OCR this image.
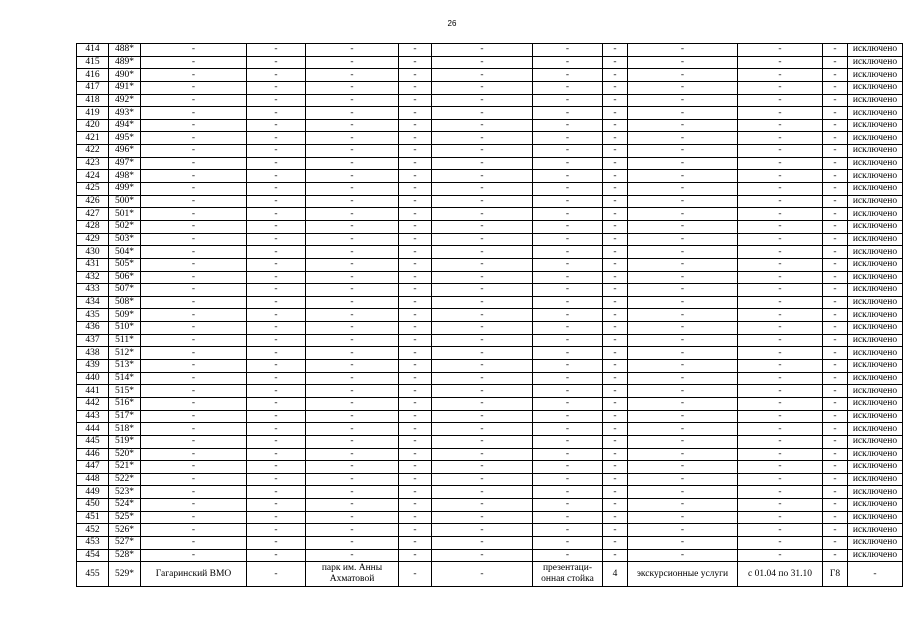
26
414	488*	-	-	-	-	-	-	-	-	-	-	исключено
415	489*	-	-	-	-	-	-	-	-	-	-	исключено
416	490*	-	-	-	-	-	-	-	-	-	-	исключено
417	491*	-	-	-	-	-	-	-	-	-	-	исключено
418	492*	-	-	-	-	-	-	-	-	-	-	исключено
419	493*	-	-	-	-	-	-	-	-	-	-	исключено
420	494*	-	-	-	-	-	-	-	-	-	-	исключено
421	495*	-	-	-	-	-	-	-	-	-	-	исключено
422	496*	-	-	-	-	-	-	-	-	-	-	исключено
423	497*	-	-	-	-	-	-	-	-	-	-	исключено
424	498*	-	-	-	-	-	-	-	-	-	-	исключено
425	499*	-	-	-	-	-	-	-	-	-	-	исключено
426	500*	-	-	-	-	-	-	-	-	-	-	исключено
427	501*	-	-	-	-	-	-	-	-	-	-	исключено
428	502*	-	-	-	-	-	-	-	-	-	-	исключено
429	503*	-	-	-	-	-	-	-	-	-	-	исключено
430	504*	-	-	-	-	-	-	-	-	-	-	исключено
431	505*	-	-	-	-	-	-	-	-	-	-	исключено
432	506*	-	-	-	-	-	-	-	-	-	-	исключено
433	507*	-	-	-	-	-	-	-	-	-	-	исключено
434	508*	-	-	-	-	-	-	-	-	-	-	исключено
435	509*	-	-	-	-	-	-	-	-	-	-	исключено
436	510*	-	-	-	-	-	-	-	-	-	-	исключено
437	511*	-	-	-	-	-	-	-	-	-	-	исключено
438	512*	-	-	-	-	-	-	-	-	-	-	исключено
439	513*	-	-	-	-	-	-	-	-	-	-	исключено
440	514*	-	-	-	-	-	-	-	-	-	-	исключено
441	515*	-	-	-	-	-	-	-	-	-	-	исключено
442	516*	-	-	-	-	-	-	-	-	-	-	исключено
443	517*	-	-	-	-	-	-	-	-	-	-	исключено
444	518*	-	-	-	-	-	-	-	-	-	-	исключено
445	519*	-	-	-	-	-	-	-	-	-	-	исключено
446	520*	-	-	-	-	-	-	-	-	-	-	исключено
447	521*	-	-	-	-	-	-	-	-	-	-	исключено
448	522*	-	-	-	-	-	-	-	-	-	-	исключено
449	523*	-	-	-	-	-	-	-	-	-	-	исключено
450	524*	-	-	-	-	-	-	-	-	-	-	исключено
451	525*	-	-	-	-	-	-	-	-	-	-	исключено
452	526*	-	-	-	-	-	-	-	-	-	-	исключено
453	527*	-	-	-	-	-	-	-	-	-	-	исключено
454	528*	-	-	-	-	-	-	-	-	-	-	исключено
455	529*	Гагаринский ВМО	-	парк им. Анны Ахматовой	-	-	презентаци-онная стойка	4	экскурсионные услуги	с 01.04 по 31.10	Г8	-
